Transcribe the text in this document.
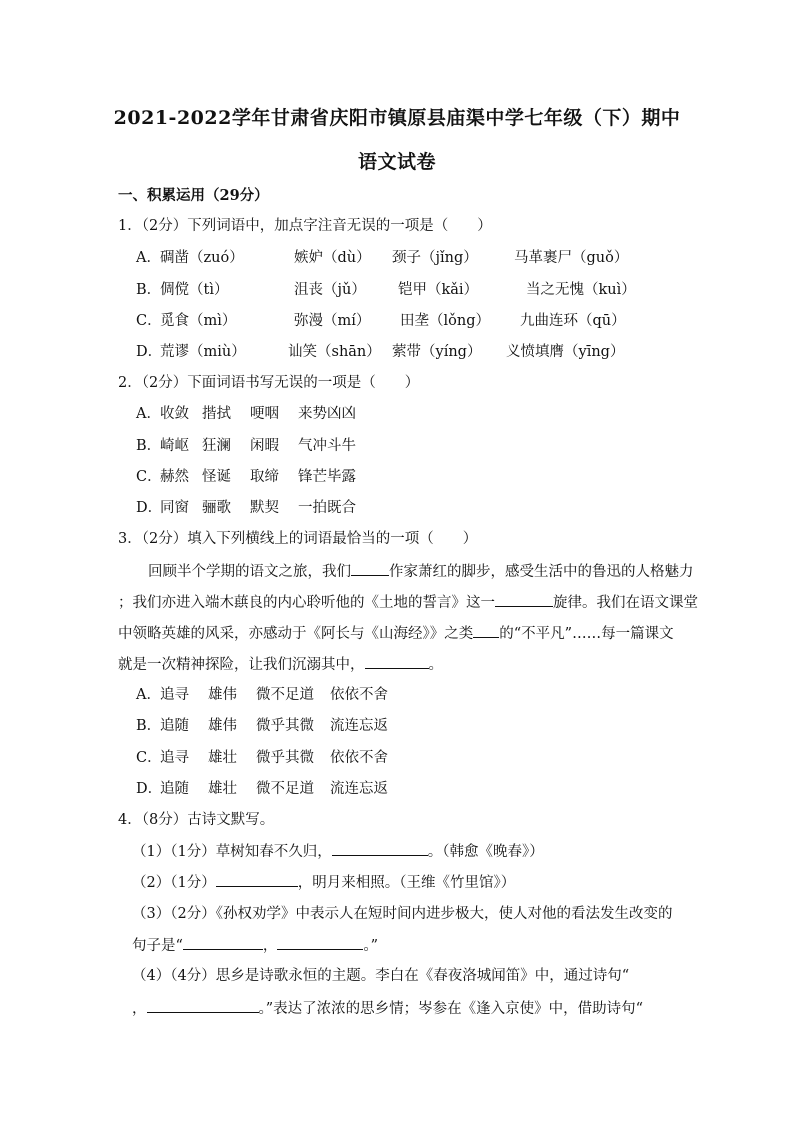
2021-2022学年甘肃省庆阳市镇原县庙渠中学七年级（下）期中
语文试卷
一、积累运用（29分）
1．（2分）下列词语中，加点字注音无误的一项是（　　）
A．碉凿（zuó）	嫉妒（dù） 颈子（jǐng） 马革裹尸（guǒ）
B．倜傥（tì）	沮丧（jǔ） 铠甲（kǎi）	当之无愧（kuì）
C．觅食（mì）	弥漫（mí） 田垄（lǒng） 九曲连环（qū）
D．荒谬（miù）	讪笑（shān） 萦带（yíng） 义愤填膺（yīng）
2．（2分）下面词语书写无误的一项是（　　）
A．收敛 揩拭 哽咽 来势凶凶
B．崎岖 狂澜 闲暇 气冲斗牛
C．赫然 怪诞 取缔 锋芒毕露
D．同窗 骊歌 默契 一拍既合
3．（2分）填入下列横线上的词语最恰当的一项（　　）
回顾半个学期的语文之旅，我们	作家萧红的脚步，感受生活中的鲁迅的人格魅力
；我们亦进入端木蕻良的内心聆听他的《土地的誓言》这一	旋律。我们在语文课堂
中领略英雄的风采，亦感动于《阿长与《山海经》》之类 的“不平凡”……每一篇课文
就是一次精神探险，让我们沉溺其中，	。
A．追寻 雄伟 微不足道 依依不舍
B．追随 雄伟 微乎其微 流连忘返
C．追寻 雄壮 微乎其微 依依不舍
D．追随 雄壮 微不足道 流连忘返
4．（8分）古诗文默写。
（1）（1分）草树知春不久归，	。（韩愈《晚春》）
（2）（1分）	，明月来相照。（王维《竹里馆》）
（3）（2分）《孙权劝学》中表示人在短时间内进步极大，使人对他的看法发生改变的
句子是“	，	。”
（4）（4分）思乡是诗歌永恒的主题。李白在《春夜洛城闻笛》中，通过诗句“
，	。”表达了浓浓的思乡情；岑参在《逢入京使》中，借助诗句“
